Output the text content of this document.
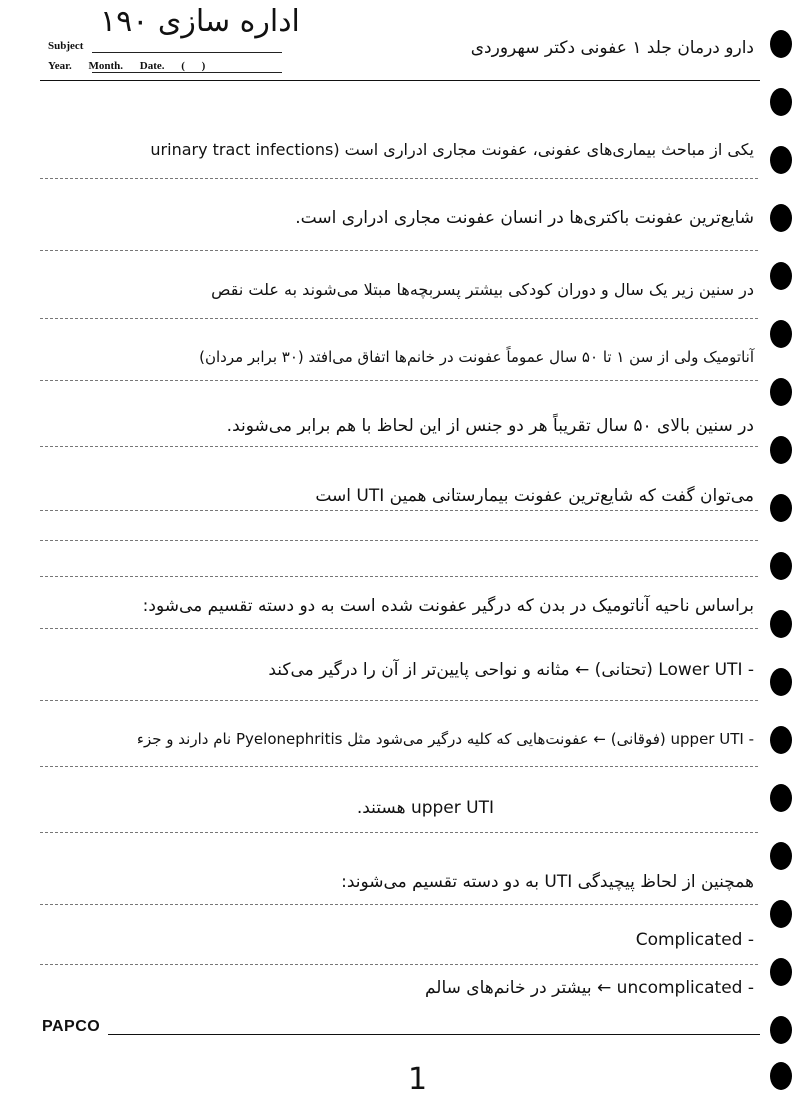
اداره سازی ۱۹۰
Subject
Year. Month. Date. ( )
دارو درمان جلد ۱ عفونی دکتر سهروردی
یکی از مباحث بیماری‌های عفونی، عفونت مجاری ادراری است (urinary tract infections
شایع‌ترین عفونت باکتری‌ها در انسان عفونت مجاری ادراری است.
در سنین زیر یک سال و دوران کودکی بیشتر پسربچه‌ها مبتلا می‌شوند به علت نقص
آناتومیک ولی از سن ۱ تا ۵۰ سال عموماً عفونت در خانم‌ها اتفاق می‌افتد (۳۰ برابر مردان)
در سنین بالای ۵۰ سال تقریباً هر دو جنس از این لحاظ با هم برابر می‌شوند.
می‌توان گفت که شایع‌ترین عفونت بیمارستانی همین UTI است
براساس ناحیه آناتومیک در بدن که درگیر عفونت شده است به دو دسته تقسیم می‌شود:
- Lower UTI (تحتانی) ← مثانه و نواحی پایین‌تر از آن را درگیر می‌کند
- upper UTI (فوقانی) ← عفونت‌هایی که کلیه درگیر می‌شود مثل Pyelonephritis نام دارند و جزء
upper UTI هستند.
همچنین از لحاظ پیچیدگی UTI به دو دسته تقسیم می‌شوند:
- Complicated
- uncomplicated ← بیشتر در خانم‌های سالم
PAPCO
1
